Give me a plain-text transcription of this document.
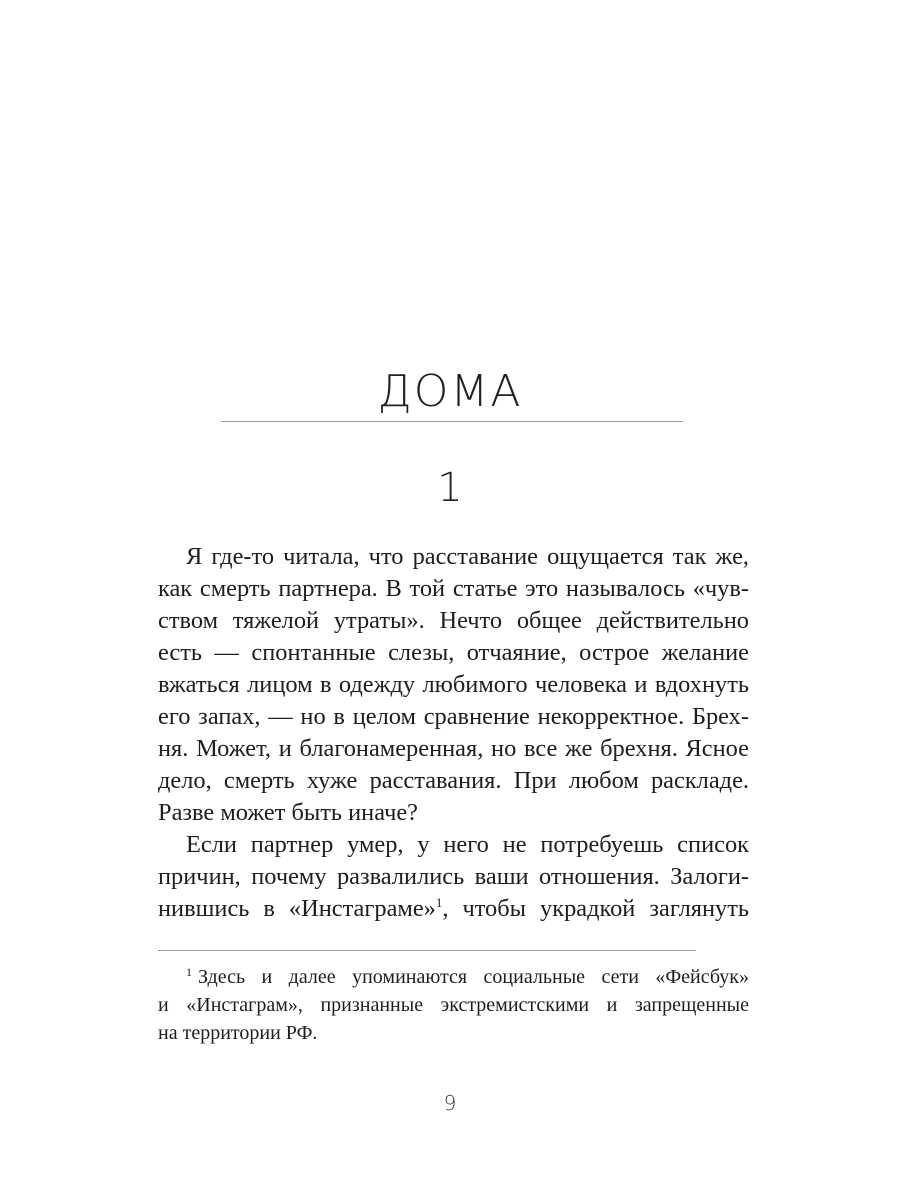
ДОМА
1
Я где-то читала, что расставание ощущается так же,
как смерть партнера. В той статье это называлось «чув-
ством тяжелой утраты». Нечто общее действительно
есть — спонтанные слезы, отчаяние, острое желание
вжаться лицом в одежду любимого человека и вдохнуть
его запах, — но в целом сравнение некорректное. Брех-
ня. Может, и благонамеренная, но все же брехня. Ясное
дело, смерть хуже расставания. При любом раскладе.
Разве может быть иначе?
Если партнер умер, у него не потребуешь список
причин, почему развалились ваши отношения. Залоги-
нившись в «Инстаграме»$^1$, чтобы украдкой заглянуть
$^1$ Здесь и далее упоминаются социальные сети «Фейсбук»
и «Инстаграм», признанные экстремистскими и запрещенные
на территории РФ.
9
